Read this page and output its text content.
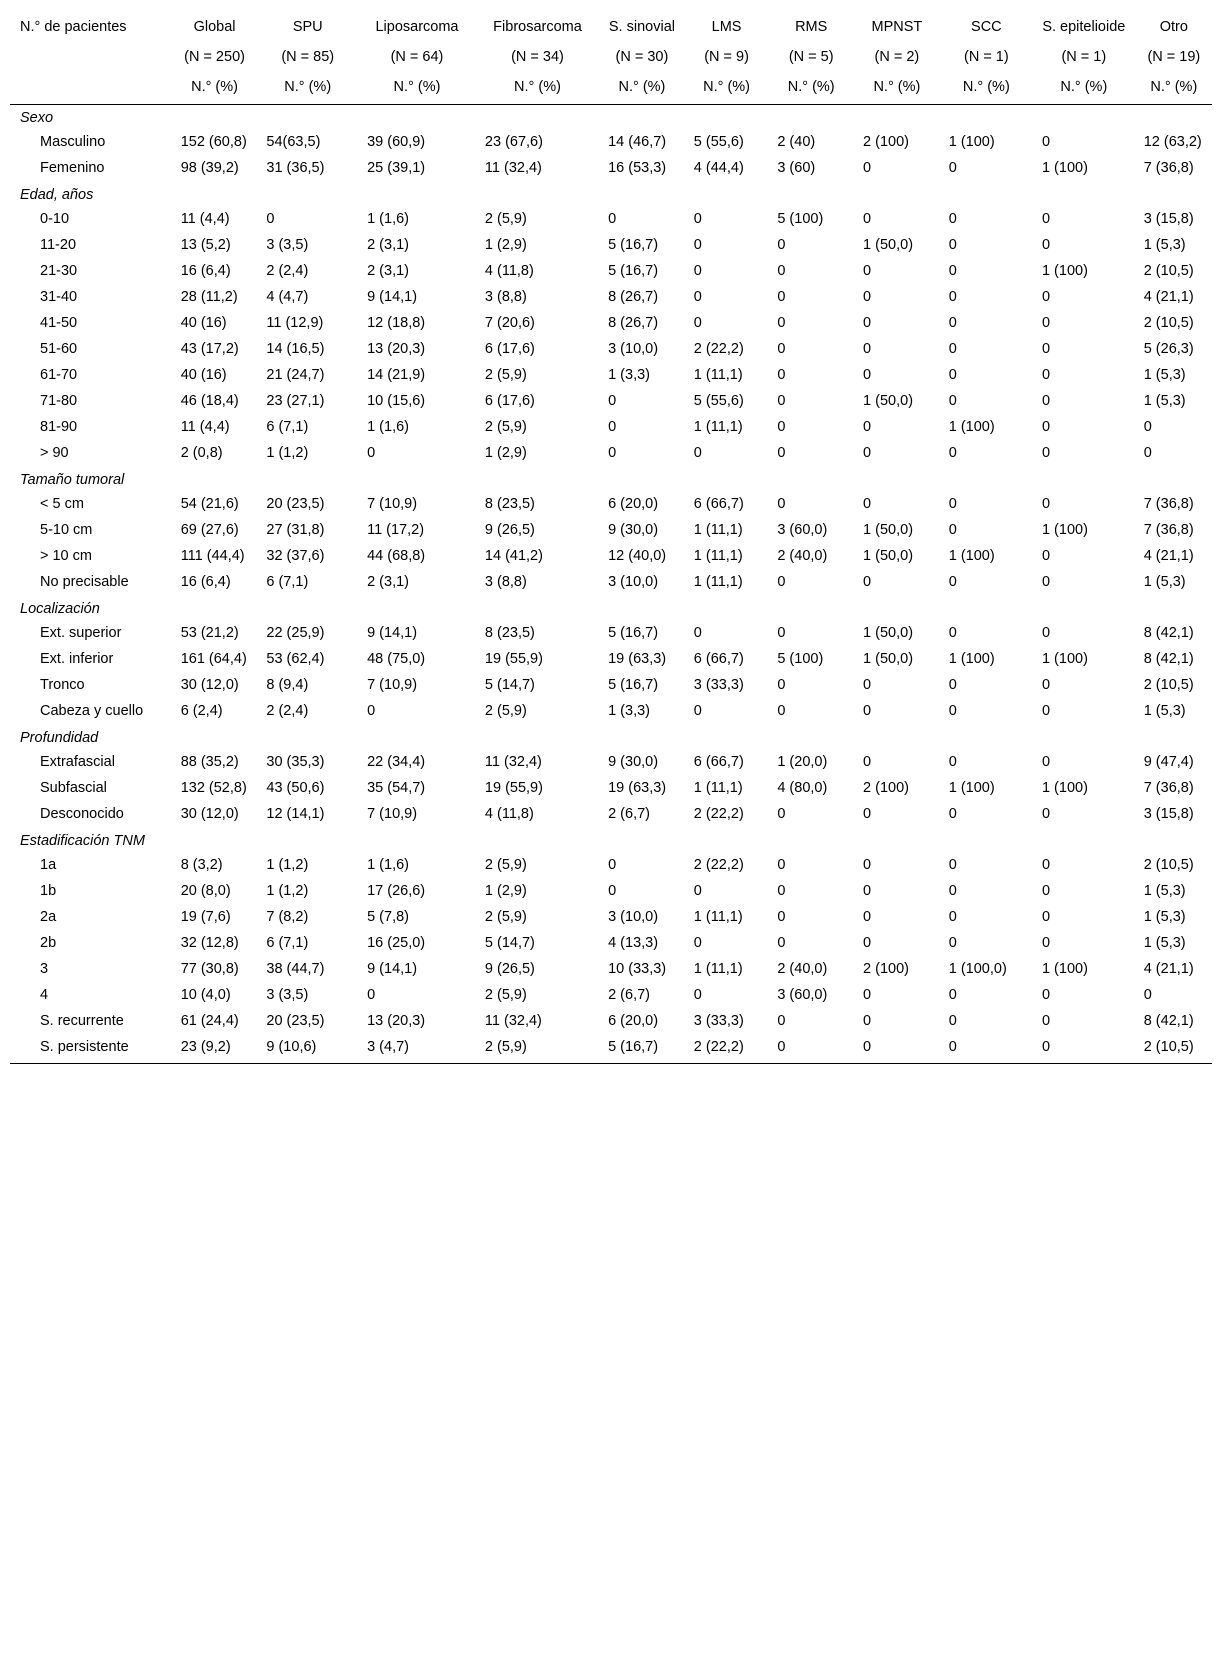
N.° de pacientes	Global	SPU	Liposarcoma	Fibrosarcoma	S. sinovial	LMS	RMS	MPNST	SCC	S. epitelioide	Otro
	(N = 250)	(N = 85)	(N = 64)	(N = 34)	(N = 30)	(N = 9)	(N = 5)	(N = 2)	(N = 1)	(N = 1)	(N = 19)
	N.° (%)	N.° (%)	N.° (%)	N.° (%)	N.° (%)	N.° (%)	N.° (%)	N.° (%)	N.° (%)	N.° (%)	N.° (%)
Sexo											
Masculino	152 (60,8)	54(63,5)	39 (60,9)	23 (67,6)	14 (46,7)	5 (55,6)	2 (40)	2 (100)	1 (100)	0	12 (63,2)
Femenino	98 (39,2)	31 (36,5)	25 (39,1)	11 (32,4)	16 (53,3)	4 (44,4)	3 (60)	0	0	1 (100)	7 (36,8)
Edad, años											
0-10	11 (4,4)	0	1 (1,6)	2 (5,9)	0	0	5 (100)	0	0	0	3 (15,8)
11-20	13 (5,2)	3 (3,5)	2 (3,1)	1 (2,9)	5 (16,7)	0	0	1 (50,0)	0	0	1 (5,3)
21-30	16 (6,4)	2 (2,4)	2 (3,1)	4 (11,8)	5 (16,7)	0	0	0	0	1 (100)	2 (10,5)
31-40	28 (11,2)	4 (4,7)	9 (14,1)	3 (8,8)	8 (26,7)	0	0	0	0	0	4 (21,1)
41-50	40 (16)	11 (12,9)	12 (18,8)	7 (20,6)	8 (26,7)	0	0	0	0	0	2 (10,5)
51-60	43 (17,2)	14 (16,5)	13 (20,3)	6 (17,6)	3 (10,0)	2 (22,2)	0	0	0	0	5 (26,3)
61-70	40 (16)	21 (24,7)	14 (21,9)	2 (5,9)	1 (3,3)	1 (11,1)	0	0	0	0	1 (5,3)
71-80	46 (18,4)	23 (27,1)	10 (15,6)	6 (17,6)	0	5 (55,6)	0	1 (50,0)	0	0	1 (5,3)
81-90	11 (4,4)	6 (7,1)	1 (1,6)	2 (5,9)	0	1 (11,1)	0	0	1 (100)	0	0
> 90	2 (0,8)	1 (1,2)	0	1 (2,9)	0	0	0	0	0	0	0
Tamaño tumoral											
< 5 cm	54 (21,6)	20 (23,5)	7 (10,9)	8 (23,5)	6 (20,0)	6 (66,7)	0	0	0	0	7 (36,8)
5-10 cm	69 (27,6)	27 (31,8)	11 (17,2)	9 (26,5)	9 (30,0)	1 (11,1)	3 (60,0)	1 (50,0)	0	1 (100)	7 (36,8)
> 10 cm	111 (44,4)	32 (37,6)	44 (68,8)	14 (41,2)	12 (40,0)	1 (11,1)	2 (40,0)	1 (50,0)	1 (100)	0	4 (21,1)
No precisable	16 (6,4)	6 (7,1)	2 (3,1)	3 (8,8)	3 (10,0)	1 (11,1)	0	0	0	0	1 (5,3)
Localización											
Ext. superior	53 (21,2)	22 (25,9)	9 (14,1)	8 (23,5)	5 (16,7)	0	0	1 (50,0)	0	0	8 (42,1)
Ext. inferior	161 (64,4)	53 (62,4)	48 (75,0)	19 (55,9)	19 (63,3)	6 (66,7)	5 (100)	1 (50,0)	1 (100)	1 (100)	8 (42,1)
Tronco	30 (12,0)	8 (9,4)	7 (10,9)	5 (14,7)	5 (16,7)	3 (33,3)	0	0	0	0	2 (10,5)
Cabeza y cuello	6 (2,4)	2 (2,4)	0	2 (5,9)	1 (3,3)	0	0	0	0	0	1 (5,3)
Profundidad											
Extrafascial	88 (35,2)	30 (35,3)	22 (34,4)	11 (32,4)	9 (30,0)	6 (66,7)	1 (20,0)	0	0	0	9 (47,4)
Subfascial	132 (52,8)	43 (50,6)	35 (54,7)	19 (55,9)	19 (63,3)	1 (11,1)	4 (80,0)	2 (100)	1 (100)	1 (100)	7 (36,8)
Desconocido	30 (12,0)	12 (14,1)	7 (10,9)	4 (11,8)	2 (6,7)	2 (22,2)	0	0	0	0	3 (15,8)
Estadificación TNM											
1a	8 (3,2)	1 (1,2)	1 (1,6)	2 (5,9)	0	2 (22,2)	0	0	0	0	2 (10,5)
1b	20 (8,0)	1 (1,2)	17 (26,6)	1 (2,9)	0	0	0	0	0	0	1 (5,3)
2a	19 (7,6)	7 (8,2)	5 (7,8)	2 (5,9)	3 (10,0)	1 (11,1)	0	0	0	0	1 (5,3)
2b	32 (12,8)	6 (7,1)	16 (25,0)	5 (14,7)	4 (13,3)	0	0	0	0	0	1 (5,3)
3	77 (30,8)	38 (44,7)	9 (14,1)	9 (26,5)	10 (33,3)	1 (11,1)	2 (40,0)	2 (100)	1 (100,0)	1 (100)	4 (21,1)
4	10 (4,0)	3 (3,5)	0	2 (5,9)	2 (6,7)	0	3 (60,0)	0	0	0	0
S. recurrente	61 (24,4)	20 (23,5)	13 (20,3)	11 (32,4)	6 (20,0)	3 (33,3)	0	0	0	0	8 (42,1)
S. persistente	23 (9,2)	9 (10,6)	3 (4,7)	2 (5,9)	5 (16,7)	2 (22,2)	0	0	0	0	2 (10,5)
